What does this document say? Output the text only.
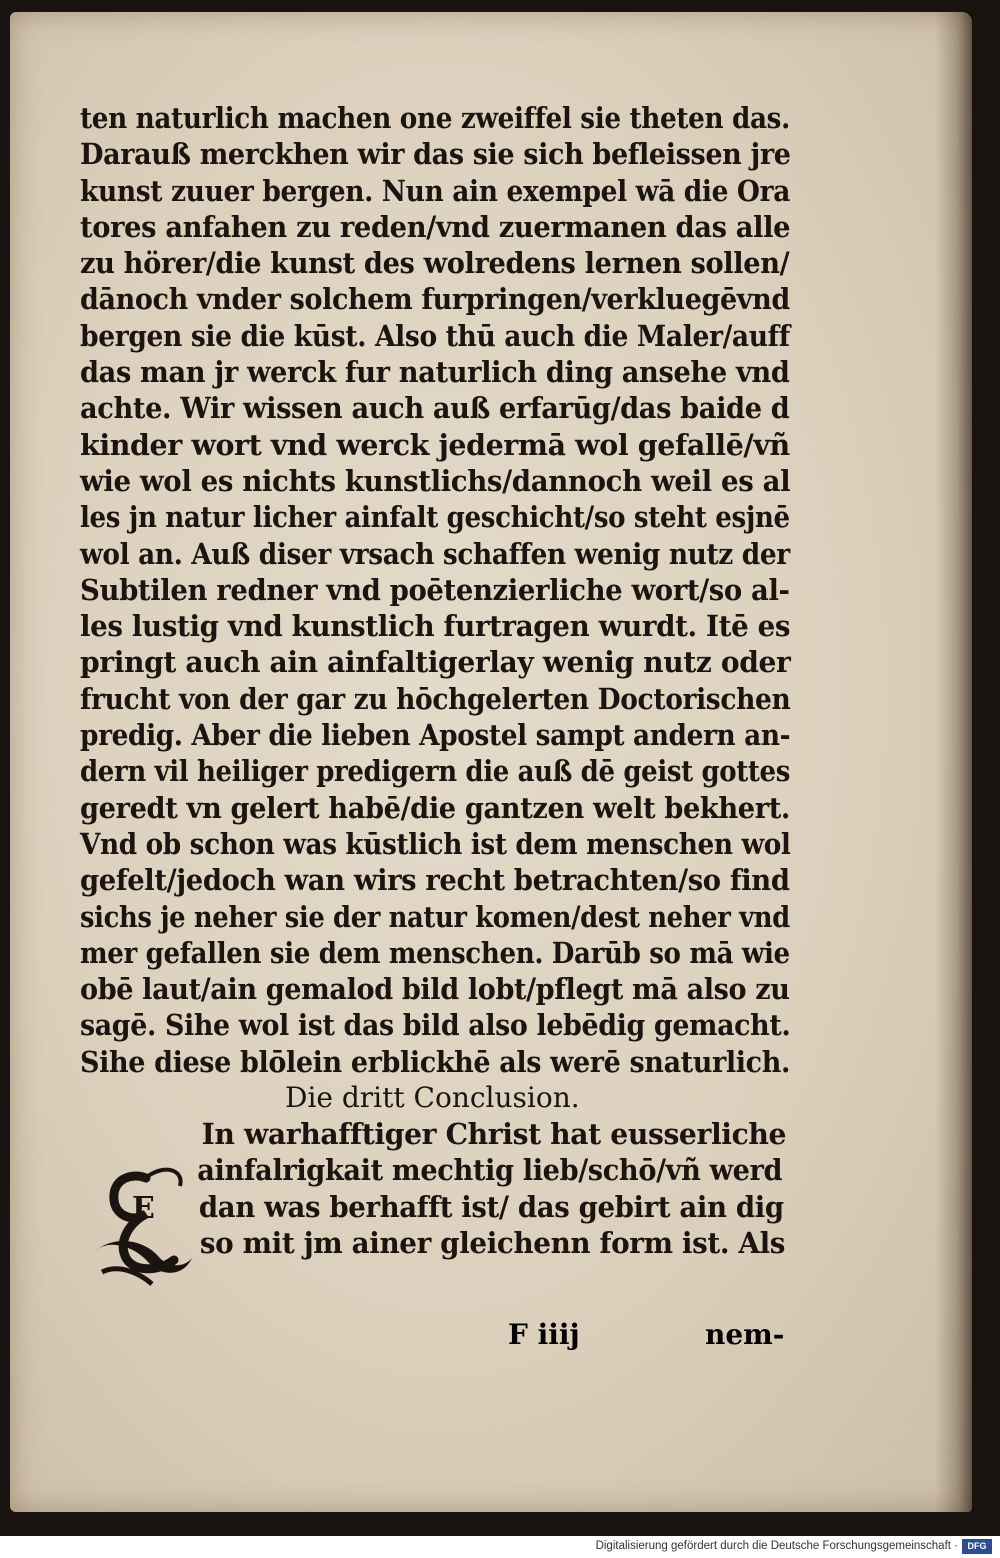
ten naturlich machen one zweiffel sie theten das.
Darauß merckhen wir das sie sich befleissen jre
kunst zuuer bergen. Nun ain exempel wā die Ora
tores anfahen zu reden/vnd zuermanen das alle
zu hörer/die kunst des wolredens lernen sollen/
dānoch vnder solchem furpringen/verkluegēvnd
bergen sie die kūst. Also thū auch die Maler/auff
das man jr werck fur naturlich ding ansehe vnd
achte. Wir wissen auch auß erfarūg/das baide d
kinder wort vnd werck jedermā wol gefallē/vñ
wie wol es nichts kunstlichs/dannoch weil es al
les jn natur licher ainfalt geschicht/so steht esjnē
wol an. Auß diser vrsach schaffen wenig nutz der
Subtilen redner vnd poētenzierliche wort/so al-
les lustig vnd kunstlich furtragen wurdt. Itē es
pringt auch ain ainfaltigerlay wenig nutz oder
frucht von der gar zu hōchgelerten Doctorischen
predig. Aber die lieben Apostel sampt andern an-
dern vil heiliger predigern die auß dē geist gottes
geredt vn gelert habē/die gantzen welt bekhert.
Vnd ob schon was kūstlich ist dem menschen wol
gefelt/jedoch wan wirs recht betrachten/so find
sichs je neher sie der natur komen/dest neher vnd
mer gefallen sie dem menschen. Darūb so mā wie
obē laut/ain gemalod bild lobt/pflegt mā also zu
sagē. Sihe wol ist das bild also lebēdig gemacht.
Sihe diese blōlein erblickhē als werē snaturlich.
Die dritt Conclusion.
In warhafftiger Christ hat eusserliche
ainfalrigkait mechtig lieb/schō/vñ werd
dan was berhafft ist/ das gebirt ain dig
so mit jm ainer gleichenn form ist. Als
E
F iiij	nem-
Digitalisierung gefördert durch die Deutsche Forschungsgemeinschaft ·	DFG
